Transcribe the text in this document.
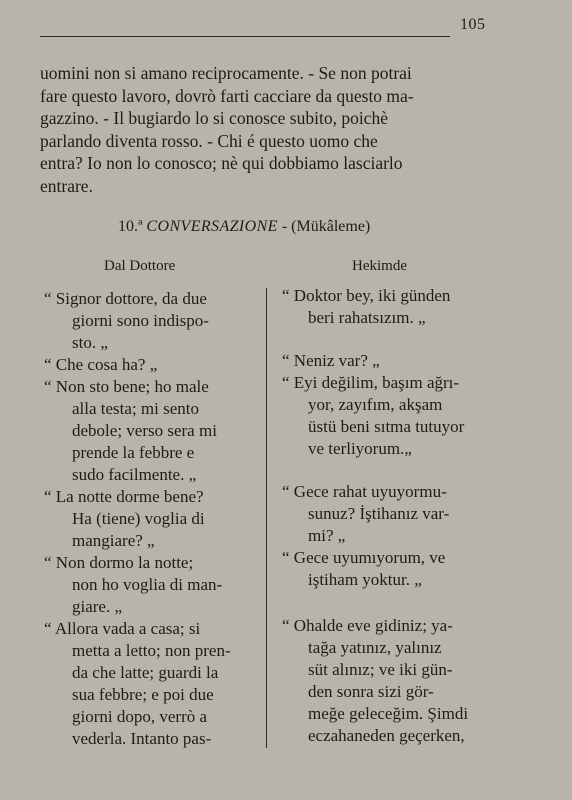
105

uomini non si amano reciprocamente. - Se non potrai

fare questo lavoro, dovrò farti cacciare da questo ma-

gazzino. - Il bugiardo lo si conosce subito, poichè

parlando diventa rosso. - Chi é questo uomo che

entra? Io non lo conosco; nè qui dobbiamo lasciarlo

entrare.

10.ª CONVERSAZIONE - (Mükâleme)
Dal Dottore	Hekimde
“ Signor dottore, da due
giorni sono indispo-
sto. „
“ Che cosa ha? „
“ Non sto bene; ho male
alla testa; mi sento
debole; verso sera mi
prende la febbre e
sudo facilmente. „
“ La notte dorme bene?
Ha (tiene) voglia di
mangiare? „
“ Non dormo la notte;
non ho voglia di man-
giare. „
“ Allora vada a casa; si
metta a letto; non pren-
da che latte; guardi la
sua febbre; e poi due
giorni dopo, verrò a
vederla. Intanto pas-
“ Doktor bey, iki günden
beri rahatsızım. „
“ Neniz var? „
“ Eyi değilim, başım ağrı-
yor, zayıfım, akşam
üstü beni sıtma tutuyor
ve terliyorum.„
“ Gece rahat uyuyormu-
sunuz? İştihanız var-
mi? „
“ Gece uyumıyorum, ve
iştiham yoktur. „
“ Ohalde eve gidiniz; ya-
tağa yatınız, yalınız
süt alınız; ve iki gün-
den sonra sizi gör-
meğe geleceğim. Şimdi
eczahaneden geçerken,
